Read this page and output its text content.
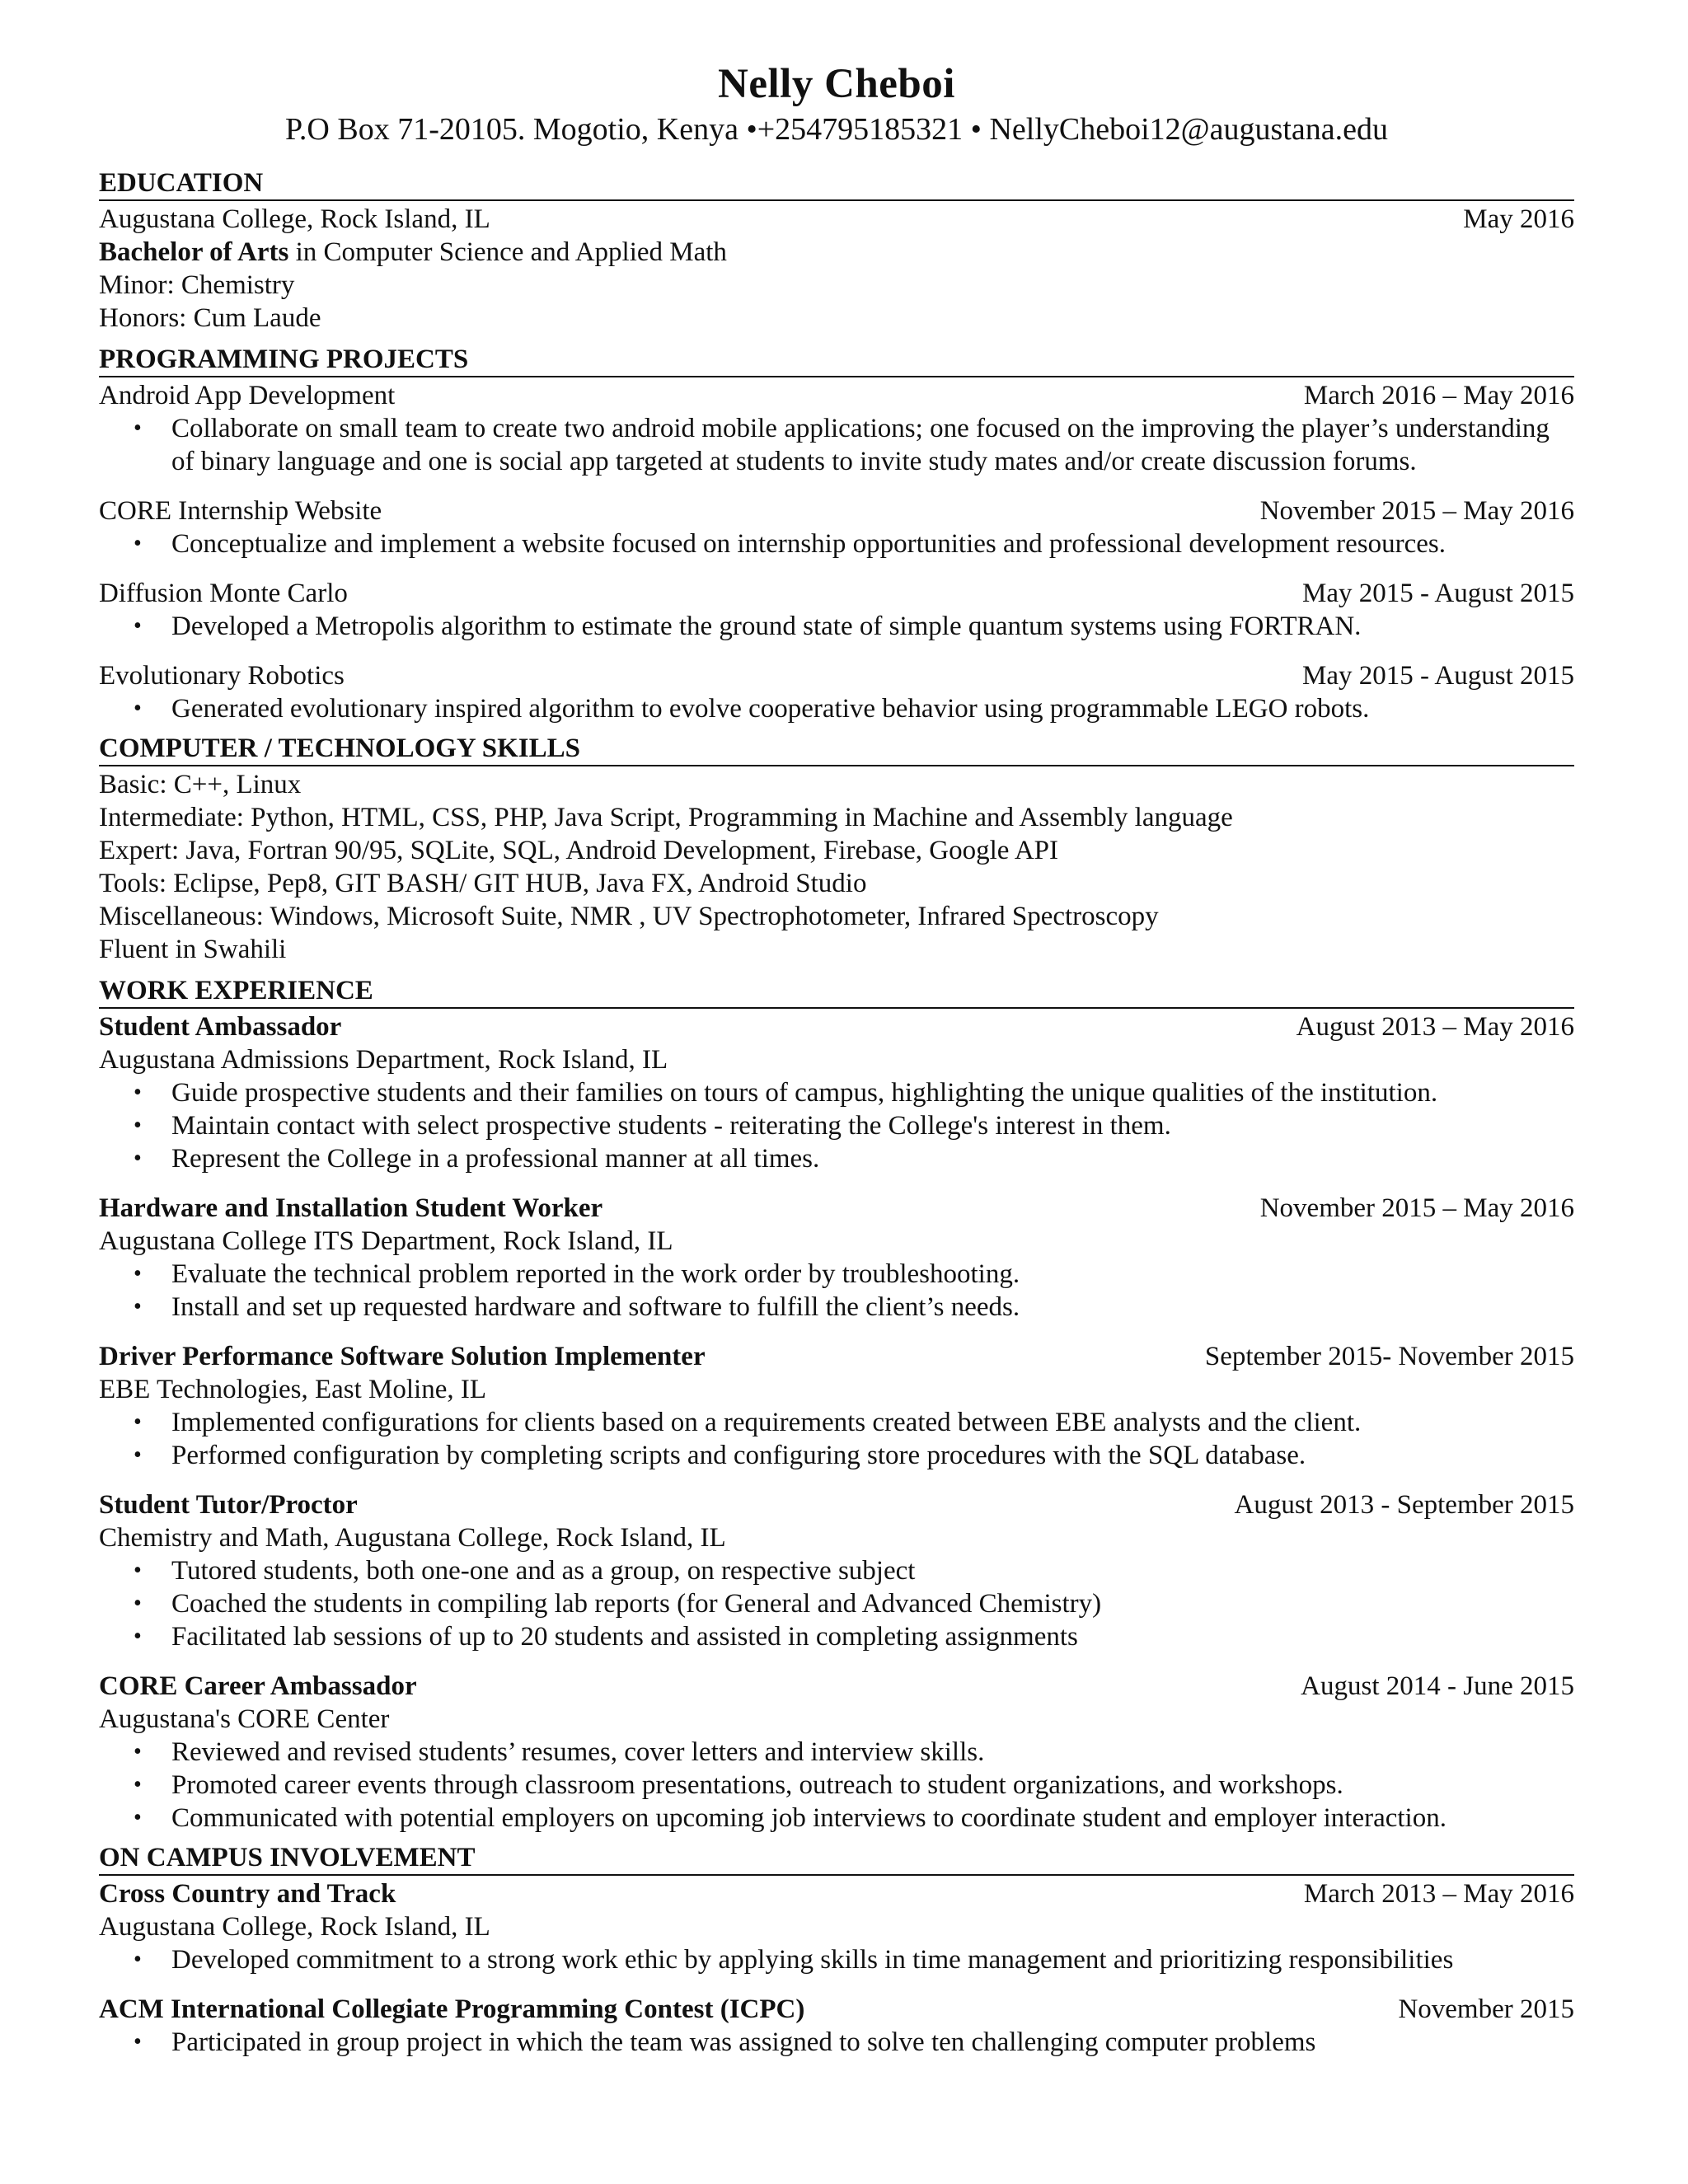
Nelly Cheboi
P.O Box 71-20105. Mogotio, Kenya •+254795185321 • NellyCheboi12@augustana.edu
EDUCATION
Augustana College, Rock Island, IL	May 2016
Bachelor of Arts in Computer Science and Applied Math
Minor: Chemistry
Honors: Cum Laude
PROGRAMMING PROJECTS
Android App Development	March 2016 – May 2016
• Collaborate on small team to create two android mobile applications; one focused on the improving the player’s understanding of binary language and one is social app targeted at students to invite study mates and/or create discussion forums.
CORE Internship Website	November 2015 – May 2016
• Conceptualize and implement a website focused on internship opportunities and professional development resources.
Diffusion Monte Carlo	May 2015 - August 2015
• Developed a Metropolis algorithm to estimate the ground state of simple quantum systems using FORTRAN.
Evolutionary Robotics	May 2015 - August 2015
• Generated evolutionary inspired algorithm to evolve cooperative behavior using programmable LEGO robots.
COMPUTER / TECHNOLOGY SKILLS
Basic: C++, Linux
Intermediate: Python, HTML, CSS, PHP, Java Script, Programming in Machine and Assembly language
Expert: Java, Fortran 90/95, SQLite, SQL, Android Development, Firebase, Google API
Tools: Eclipse, Pep8, GIT BASH/ GIT HUB, Java FX, Android Studio
Miscellaneous: Windows, Microsoft Suite, NMR , UV Spectrophotometer, Infrared Spectroscopy
Fluent in Swahili
WORK EXPERIENCE
Student Ambassador	August 2013 – May 2016
Augustana Admissions Department, Rock Island, IL
• Guide prospective students and their families on tours of campus, highlighting the unique qualities of the institution.
• Maintain contact with select prospective students - reiterating the College's interest in them.
• Represent the College in a professional manner at all times.
Hardware and Installation Student Worker	November 2015 – May 2016
Augustana College ITS Department, Rock Island, IL
• Evaluate the technical problem reported in the work order by troubleshooting.
• Install and set up requested hardware and software to fulfill the client’s needs.
Driver Performance Software Solution Implementer	September 2015- November 2015
EBE Technologies, East Moline, IL
• Implemented configurations for clients based on a requirements created between EBE analysts and the client.
• Performed configuration by completing scripts and configuring store procedures with the SQL database.
Student Tutor/Proctor	August 2013 - September 2015
Chemistry and Math, Augustana College, Rock Island, IL
• Tutored students, both one-one and as a group, on respective subject
• Coached the students in compiling lab reports (for General and Advanced Chemistry)
• Facilitated lab sessions of up to 20 students and assisted in completing assignments
CORE Career Ambassador	August 2014 - June 2015
Augustana's CORE Center
• Reviewed and revised students’ resumes, cover letters and interview skills.
• Promoted career events through classroom presentations, outreach to student organizations, and workshops.
• Communicated with potential employers on upcoming job interviews to coordinate student and employer interaction.
ON CAMPUS INVOLVEMENT
Cross Country and Track	March 2013 – May 2016
Augustana College, Rock Island, IL
• Developed commitment to a strong work ethic by applying skills in time management and prioritizing responsibilities
ACM International Collegiate Programming Contest (ICPC)	November 2015
• Participated in group project in which the team was assigned to solve ten challenging computer problems
